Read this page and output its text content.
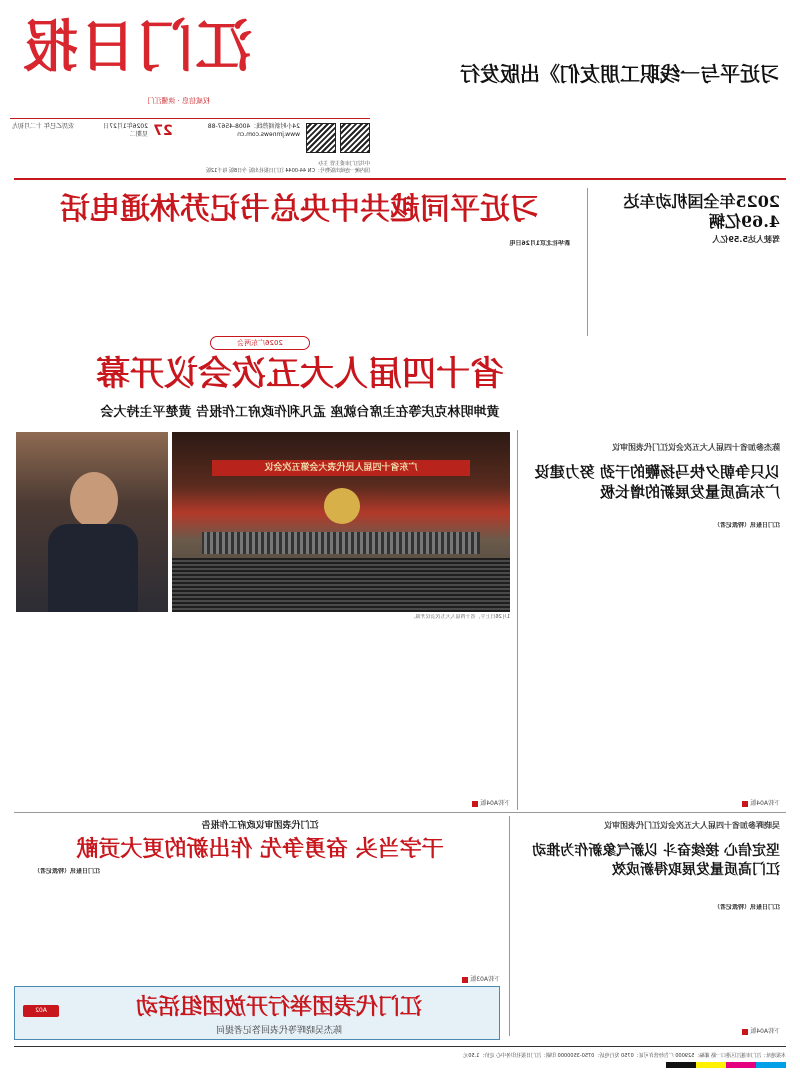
江门日报
权威信息 · 读懂江门
习近平与一线职工朋友们》出版发行
24小时新闻热线：4008-4567-88
www.jmnews.com.cn
27
2026年1月27日
星期二
农历乙巳年 十二月初九
中共江门市委主管 主办
国内统一连续出版物号：CN 44-0044 江门日报社出版 今日8版 每千12版
习近平同越共中央总书记苏林通电话
新华社北京1月26日电
2025年全国机动车达4.69亿辆
驾驶人达5.59亿人
2026广东两会
省十四届人大五次会议开幕
黄坤明林克庆等在主席台就座 孟凡利作政府工作报告 黄楚平主持大会
广东省十四届人民代表大会第五次会议
1月26日上午，省十四届人大五次会议开幕。
下转A04版
陈杰参加省十四届人大五次会议江门代表团审议
以只争朝夕快马扬鞭的干劲 努力建设广东高质量发展新的增长极
江门日报讯（特派记者）
下转A04版
江门代表团审议政府工作报告
干字当头 奋勇争先 作出新的更大贡献
江门日报讯（特派记者）
下转A03版
吴晓晖参加省十四届人大五次会议江门代表团审议
坚定信心 接续奋斗 以新气象新作为推动 江门高质量发展取得新成效
江门日报讯（特派记者）
下转A04版
江门代表团举行开放团组活动
陈杰吴晓晖等代表回答记者提问
A02
本报地址：江门市蓬江区港口一路 邮编：529000 广告经营许可证：0750 发行电话：0750-3500000 印刷：江门日报社印务中心 定价：1.50元
